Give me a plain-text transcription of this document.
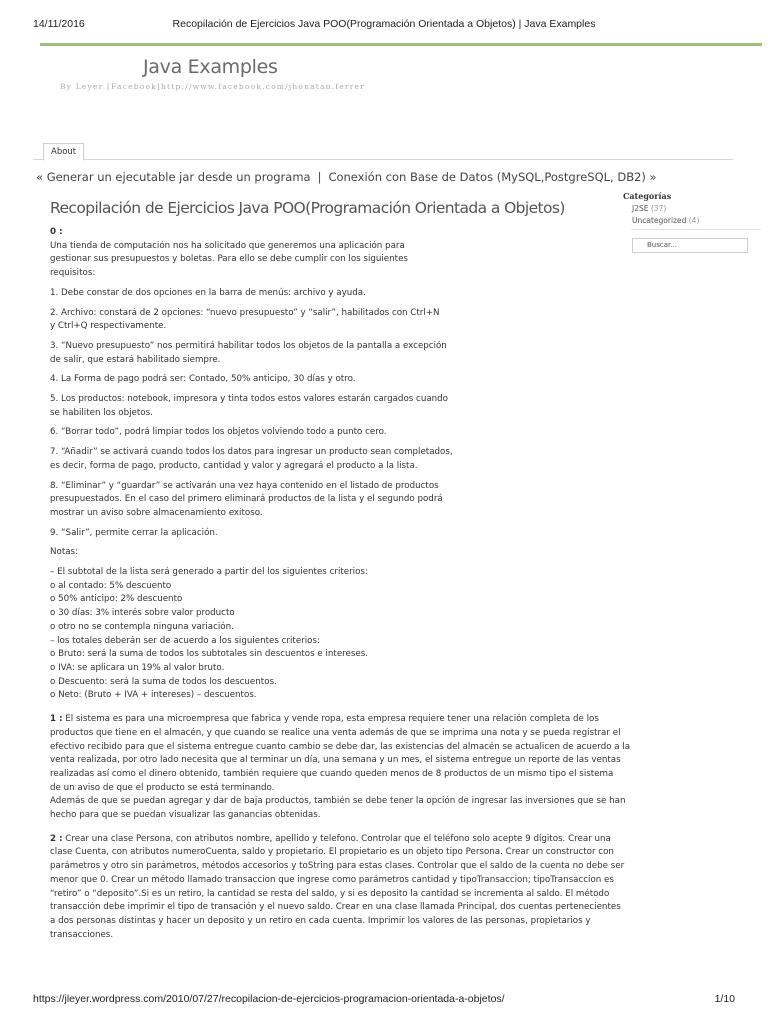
14/11/2016	Recopilación de Ejercicios Java POO(Programación Orientada a Objetos) | Java Examples
Java Examples
By Leyer [Facebook]http://www.facebook.com/jhonatan.ferrer
About
« Generar un ejecutable jar desde un programa | Conexión con Base de Datos (MySQL,PostgreSQL, DB2) »
Recopilación de Ejercicios Java POO(Programación Orientada a Objetos)

0 :
Una tienda de computación nos ha solicitado que generemos una aplicación para
gestionar sus presupuestos y boletas. Para ello se debe cumplir con los siguientes
requisitos:

1. Debe constar de dos opciones en la barra de menús: archivo y ayuda.

2. Archivo: constará de 2 opciones: “nuevo presupuesto” y “salir”, habilitados con Ctrl+N
y Ctrl+Q respectivamente.

3. “Nuevo presupuesto” nos permitirá habilitar todos los objetos de la pantalla a excepción
de salir, que estará habilitado siempre.

4. La Forma de pago podrá ser: Contado, 50% anticipo, 30 días y otro.

5. Los productos: notebook, impresora y tinta todos estos valores estarán cargados cuando
se habiliten los objetos.

6. “Borrar todo”, podrá limpiar todos los objetos volviendo todo a punto cero.

7. “Añadir” se activará cuando todos los datos para ingresar un producto sean completados,
es decir, forma de pago, producto, cantidad y valor y agregará el producto a la lista.

8. “Eliminar” y “guardar” se activarán una vez haya contenido en el listado de productos
presupuestados. En el caso del primero eliminará productos de la lista y el segundo podrá
mostrar un aviso sobre almacenamiento exitoso.

9. “Salir”, permite cerrar la aplicación.

Notas:

– El subtotal de la lista será generado a partir del los siguientes criterios:
o al contado: 5% descuento
o 50% anticipo: 2% descuento
o 30 días: 3% interés sobre valor producto
o otro no se contempla ninguna variación.
– los totales deberán ser de acuerdo a los siguientes criterios:
o Bruto: será la suma de todos los subtotales sin descuentos e intereses.
o IVA: se aplicara un 19% al valor bruto.
o Descuento: será la suma de todos los descuentos.
o Neto: (Bruto + IVA + intereses) – descuentos.

1 : El sistema es para una microempresa que fabrica y vende ropa, esta empresa requiere tener una relación completa de los
productos que tiene en el almacén, y que cuando se realice una venta además de que se imprima una nota y se pueda registrar el
efectivo recibido para que el sistema entregue cuanto cambio se debe dar, las existencias del almacén se actualicen de acuerdo a la
venta realizada, por otro lado necesita que al terminar un día, una semana y un mes, el sistema entregue un reporte de las ventas
realizadas así como el dinero obtenido, también requiere que cuando queden menos de 8 productos de un mismo tipo el sistema
de un aviso de que el producto se está terminando.
Además de que se puedan agregar y dar de baja productos, también se debe tener la opción de ingresar las inversiones que se han
hecho para que se puedan visualizar las ganancias obtenidas.

2 : Crear una clase Persona, con atributos nombre, apellido y telefono. Controlar que el teléfono solo acepte 9 dígitos. Crear una
clase Cuenta, con atributos numeroCuenta, saldo y propietario. El propietario es un objeto tipo Persona. Crear un constructor con
parámetros y otro sin parámetros, métodos accesorios y toString para estas clases. Controlar que el saldo de la cuenta no debe ser
menor que 0. Crear un método llamado transaccion que ingrese como parámetros cantidad y tipoTransaccion; tipoTransaccion es
“retiro” o “deposito”.Si es un retiro, la cantidad se resta del saldo, y si es deposito la cantidad se incrementa al saldo. El método
transacción debe imprimir el tipo de transación y el nuevo saldo. Crear en una clase llamada Principal, dos cuentas pertenecientes
a dos personas distintas y hacer un deposito y un retiro en cada cuenta. Imprimir los valores de las personas, propietarios y
transacciones.

Categorías
J2SE (37)
Uncategorized (4)
Buscar...
https://jleyer.wordpress.com/2010/07/27/recopilacion-de-ejercicios-programacion-orientada-a-objetos/	1/10
